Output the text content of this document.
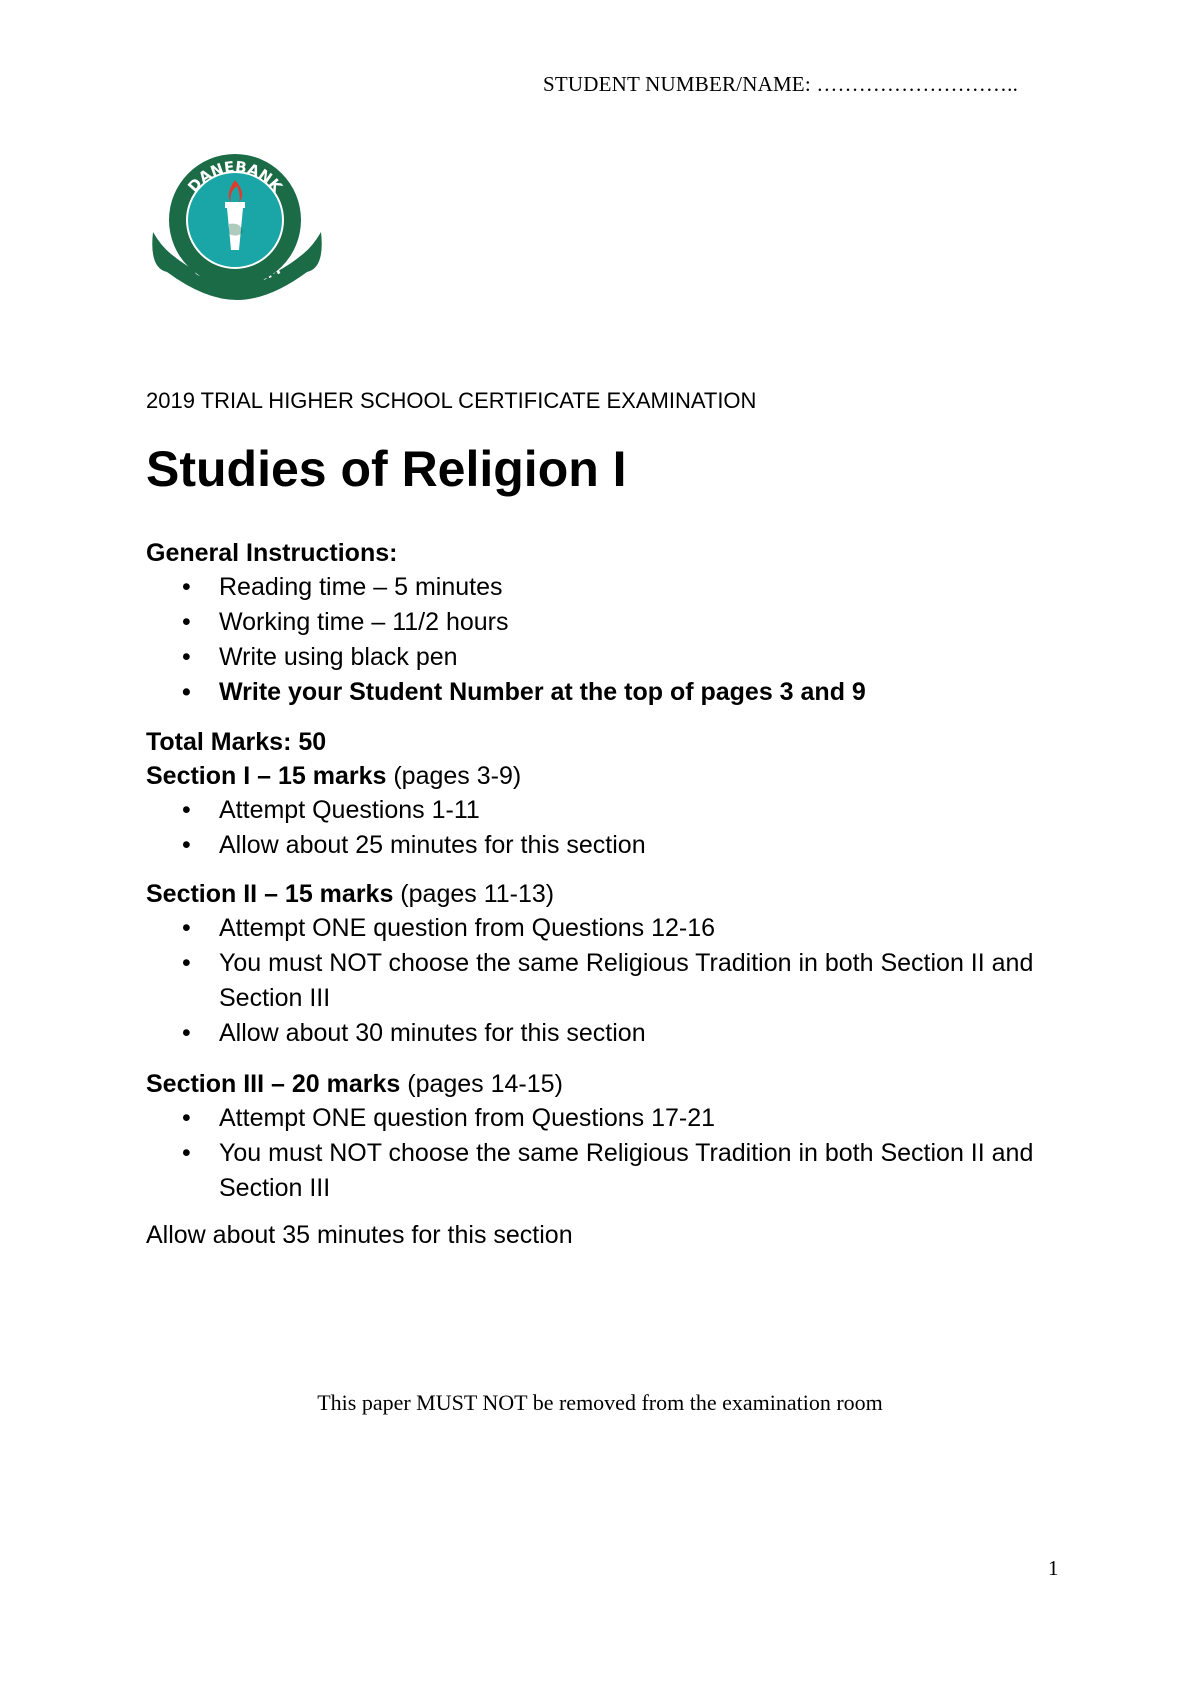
STUDENT NUMBER/NAME: ………………………..
DANEBANK
2019 TRIAL HIGHER SCHOOL CERTIFICATE EXAMINATION
Studies of Religion I
General Instructions:
• Reading time – 5 minutes
• Working time – 11/2 hours
• Write using black pen
• Write your Student Number at the top of pages 3 and 9
Total Marks: 50
Section I – 15 marks (pages 3-9)
• Attempt Questions 1-11
• Allow about 25 minutes for this section
Section II – 15 marks (pages 11-13)
• Attempt ONE question from Questions 12-16
• You must NOT choose the same Religious Tradition in both Section II and Section III
• Allow about 30 minutes for this section
Section III – 20 marks (pages 14-15)
• Attempt ONE question from Questions 17-21
• You must NOT choose the same Religious Tradition in both Section II and Section III
Allow about 35 minutes for this section
This paper MUST NOT be removed from the examination room
1
